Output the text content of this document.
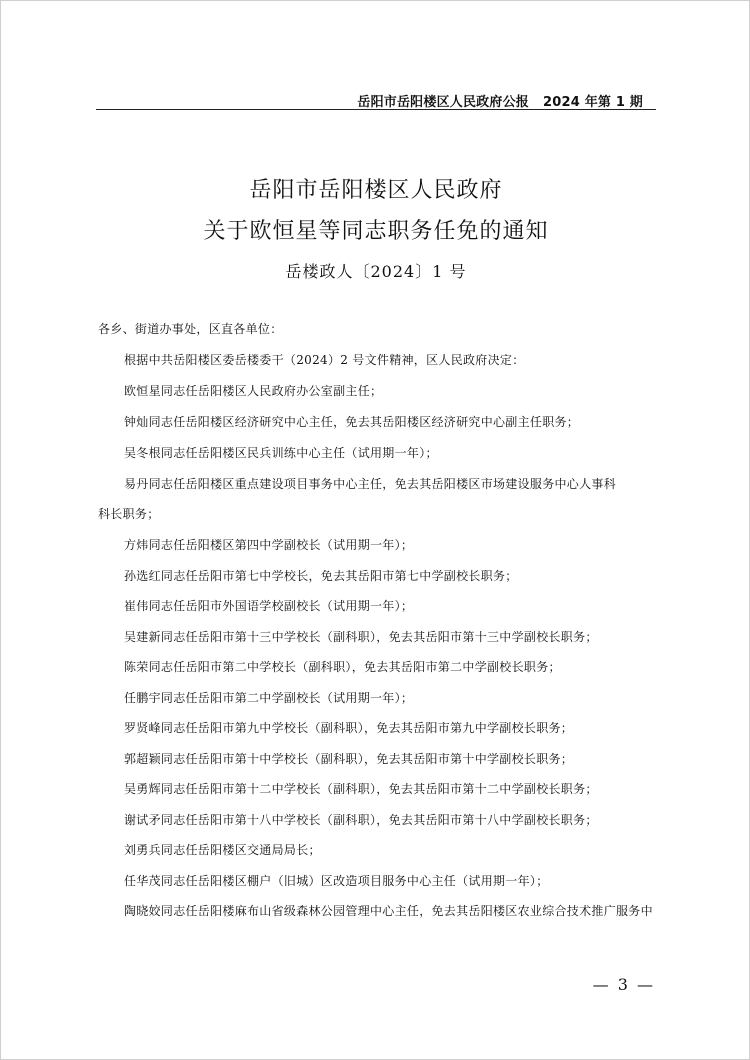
岳阳市岳阳楼区人民政府公报 2024 年第 1 期
岳阳市岳阳楼区人民政府
关于欧恒星等同志职务任免的通知
岳楼政人〔2024〕1 号
各乡、街道办事处，区直各单位：
根据中共岳阳楼区委岳楼委干（2024）2 号文件精神，区人民政府决定：
欧恒星同志任岳阳楼区人民政府办公室副主任；
钟灿同志任岳阳楼区经济研究中心主任，免去其岳阳楼区经济研究中心副主任职务；
吴冬根同志任岳阳楼区民兵训练中心主任（试用期一年）；
易丹同志任岳阳楼区重点建设项目事务中心主任，免去其岳阳楼区市场建设服务中心人事科
科长职务；
方炜同志任岳阳楼区第四中学副校长（试用期一年）；
孙选红同志任岳阳市第七中学校长，免去其岳阳市第七中学副校长职务；
崔伟同志任岳阳市外国语学校副校长（试用期一年）；
吴建新同志任岳阳市第十三中学校长（副科职），免去其岳阳市第十三中学副校长职务；
陈荣同志任岳阳市第二中学校长（副科职），免去其岳阳市第二中学副校长职务；
任鹏宇同志任岳阳市第二中学副校长（试用期一年）；
罗贤峰同志任岳阳市第九中学校长（副科职），免去其岳阳市第九中学副校长职务；
郭超颖同志任岳阳市第十中学校长（副科职），免去其岳阳市第十中学副校长职务；
吴勇辉同志任岳阳市第十二中学校长（副科职），免去其岳阳市第十二中学副校长职务；
谢试矛同志任岳阳市第十八中学校长（副科职），免去其岳阳市第十八中学副校长职务；
刘勇兵同志任岳阳楼区交通局局长；
任华茂同志任岳阳楼区棚户（旧城）区改造项目服务中心主任（试用期一年）；
陶晓姣同志任岳阳楼麻布山省级森林公园管理中心主任，免去其岳阳楼区农业综合技术推广服务中
— 3 —
